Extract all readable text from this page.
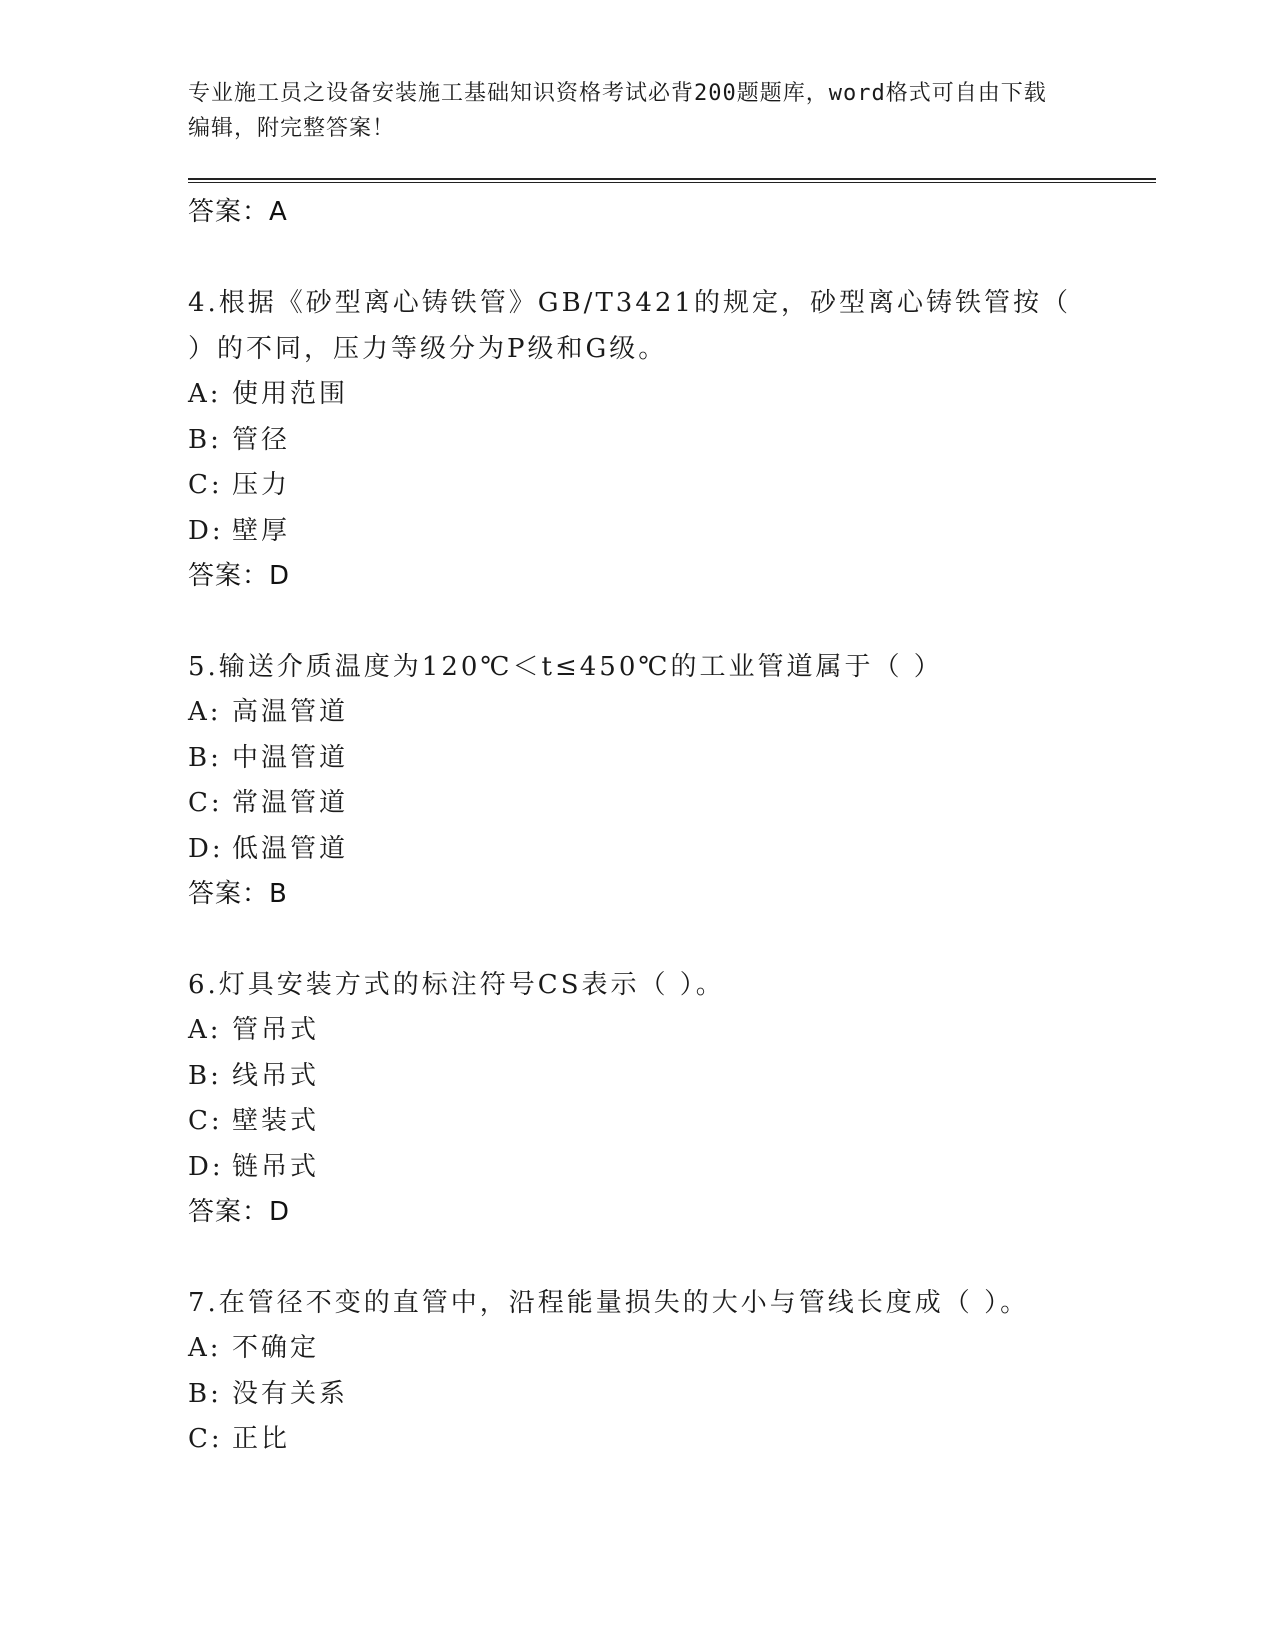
专业施工员之设备安装施工基础知识资格考试必背200题题库，word格式可自由下载编辑，附完整答案！
答案：A
4.根据《砂型离心铸铁管》GB/T3421的规定，砂型离心铸铁管按（ ）的不同，压力等级分为P级和G级。
A: 使用范围
B: 管径
C: 压力
D: 壁厚
答案：D
5.输送介质温度为120℃＜t≤450℃的工业管道属于（ ）
A: 高温管道
B: 中温管道
C: 常温管道
D: 低温管道
答案：B
6.灯具安装方式的标注符号CS表示（ ）。
A: 管吊式
B: 线吊式
C: 壁装式
D: 链吊式
答案：D
7.在管径不变的直管中，沿程能量损失的大小与管线长度成（ ）。
A: 不确定
B: 没有关系
C: 正比
